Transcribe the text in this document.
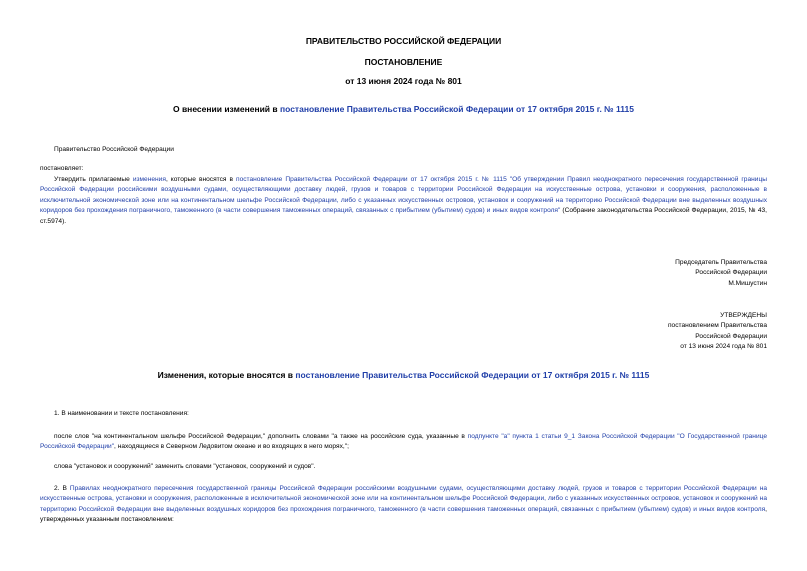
ПРАВИТЕЛЬСТВО РОССИЙСКОЙ ФЕДЕРАЦИИ
ПОСТАНОВЛЕНИЕ
от 13 июня 2024 года № 801
О внесении изменений в постановление Правительства Российской Федерации от 17 октября 2015 г. № 1115
Правительство Российской Федерации
постановляет:
Утвердить прилагаемые изменения, которые вносятся в постановление Правительства Российской Федерации от 17 октября 2015 г. № 1115 "Об утверждении Правил неоднократного пересечения государственной границы Российской Федерации российскими воздушными судами, осуществляющими доставку людей, грузов и товаров с территории Российской Федерации на искусственные острова, установки и сооружения, расположенные в исключительной экономической зоне или на континентальном шельфе Российской Федерации, либо с указанных искусственных островов, установок и сооружений на территорию Российской Федерации вне выделенных воздушных коридоров без прохождения пограничного, таможенного (в части совершения таможенных операций, связанных с прибытием (убытием) судов) и иных видов контроля" (Собрание законодательства Российской Федерации, 2015, № 43, ст.5974).
Председатель Правительства
Российской Федерации
М.Мишустин
УТВЕРЖДЕНЫ
постановлением Правительства
Российской Федерации
от 13 июня 2024 года № 801
Изменения, которые вносятся в постановление Правительства Российской Федерации от 17 октября 2015 г. № 1115
1. В наименовании и тексте постановления:
после слов "на континентальном шельфе Российской Федерации," дополнить словами "а также на российские суда, указанные в подпункте "а" пункта 1 статьи 9_1 Закона Российской Федерации "О Государственной границе Российской Федерации", находящиеся в Северном Ледовитом океане и во входящих в него морях,";
слова "установок и сооружений" заменить словами "установок, сооружений и судов".
2. В Правилах неоднократного пересечения государственной границы Российской Федерации российскими воздушными судами, осуществляющими доставку людей, грузов и товаров с территории Российской Федерации на искусственные острова, установки и сооружения, расположенные в исключительной экономической зоне или на континентальном шельфе Российской Федерации, либо с указанных искусственных островов, установок и сооружений на территорию Российской Федерации вне выделенных воздушных коридоров без прохождения пограничного, таможенного (в части совершения таможенных операций, связанных с прибытием (убытием) судов) и иных видов контроля, утвержденных указанным постановлением:
